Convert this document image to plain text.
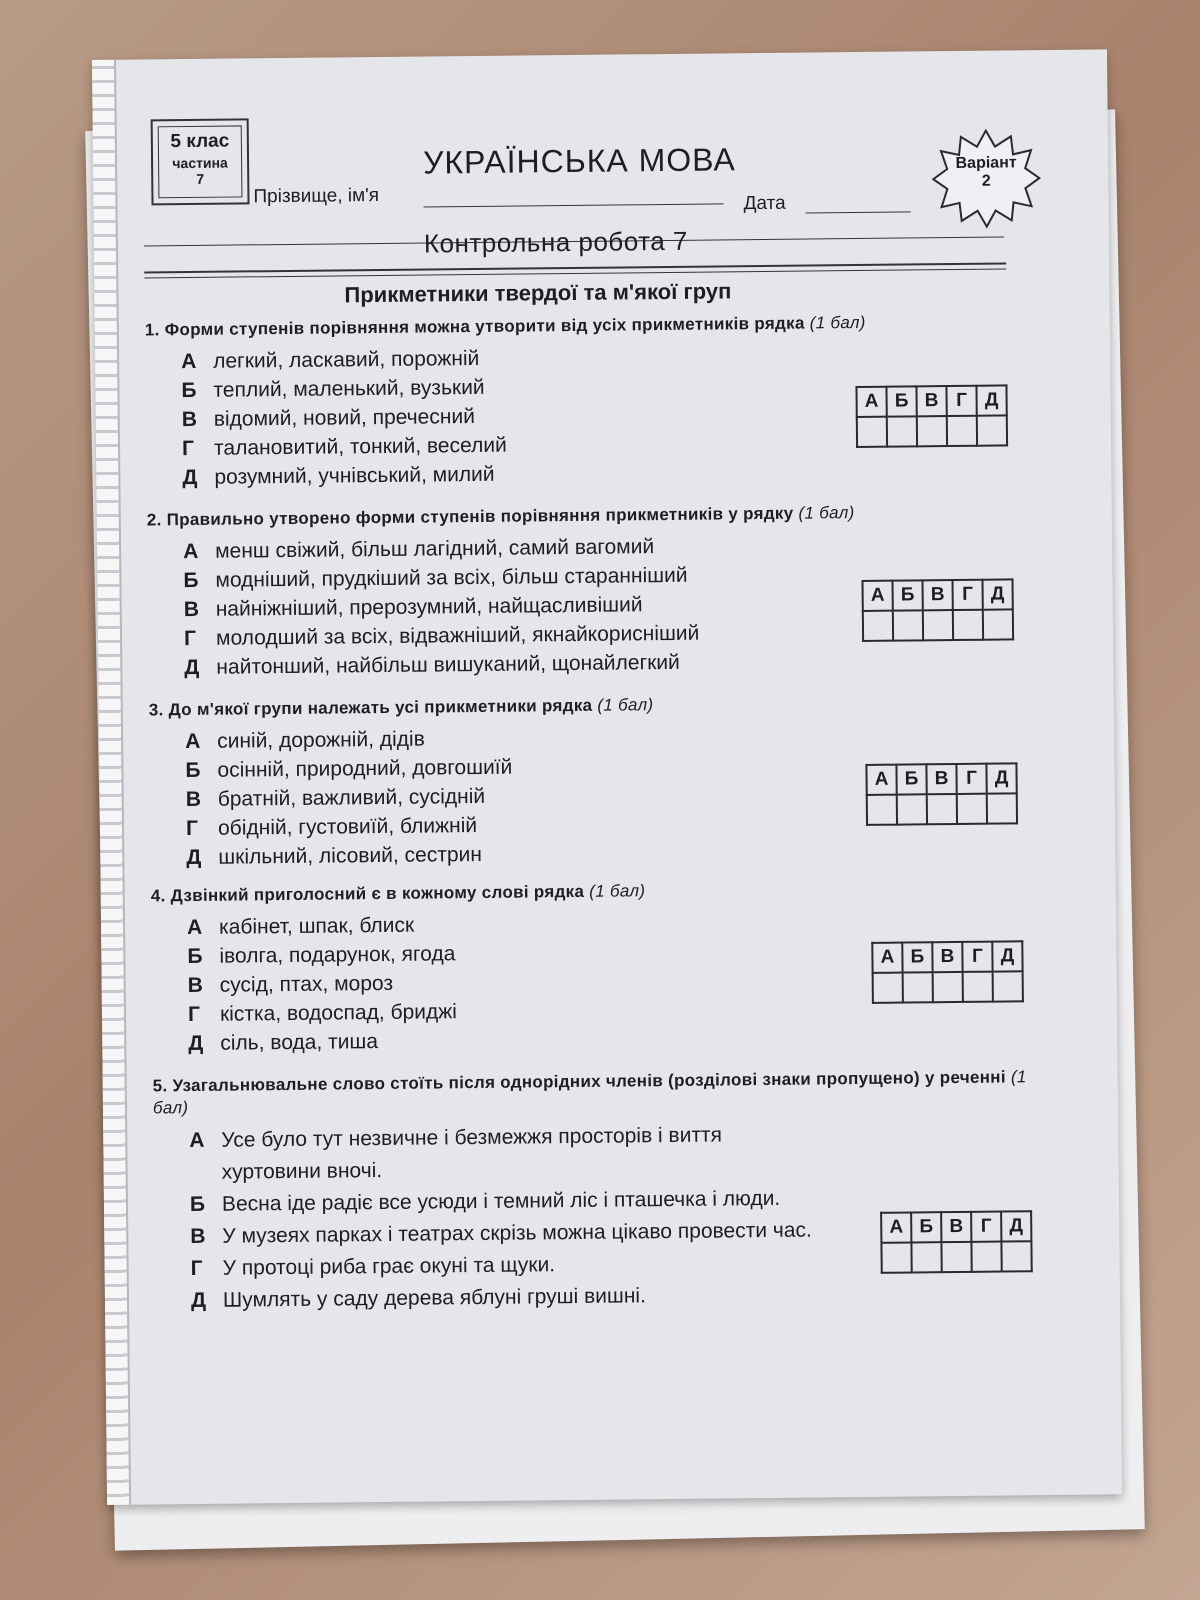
5 клас
частина
7	УКРАЇНСЬКА МОВА	Варіант
2
Прізвище, ім'я	Дата
Контрольна робота 7
Прикметники твердої та м'якої груп
1. Форми ступенів порівняння можна утворити від усіх прикметників рядка (1 бал)
А легкий, ласкавий, порожній
Б теплий, маленький, вузький
В відомий, новий, пречесний
Г талановитий, тонкий, веселий
Д розумний, учнівський, милий
А	Б	В	Г	Д

2. Правильно утворено форми ступенів порівняння прикметників у рядку (1 бал)
А менш свіжий, більш лагідний, самий вагомий
Б модніший, прудкіший за всіх, більш старанніший
В найніжніший, прерозумний, найщасливіший
Г молодший за всіх, відважніший, якнайкорисніший
Д найтонший, найбільш вишуканий, щонайлегкий
А	Б	В	Г	Д

3. До м'якої групи належать усі прикметники рядка (1 бал)
А синій, дорожній, дідів
Б осінній, природний, довгошиїй
В братній, важливий, сусідній
Г обідній, густовиїй, ближній
Д шкільний, лісовий, сестрин
А	Б	В	Г	Д

4. Дзвінкий приголосний є в кожному слові рядка (1 бал)
А кабінет, шпак, блиск
Б іволга, подарунок, ягода
В сусід, птах, мороз
Г кістка, водоспад, бриджі
Д сіль, вода, тиша
А	Б	В	Г	Д

5. Узагальнювальне слово стоїть після однорідних членів (розділові знаки пропущено) у реченні (1 бал)
А Усе було тут незвичне і безмежжя просторів і виття хуртовини вночі.
Б Весна іде радіє все усюди і темний ліс і пташечка і люди.
В У музеях парках і театрах скрізь можна цікаво провести час.
Г У протоці риба грає окуні та щуки.
Д Шумлять у саду дерева яблуні груші вишні.
А	Б	В	Г	Д
